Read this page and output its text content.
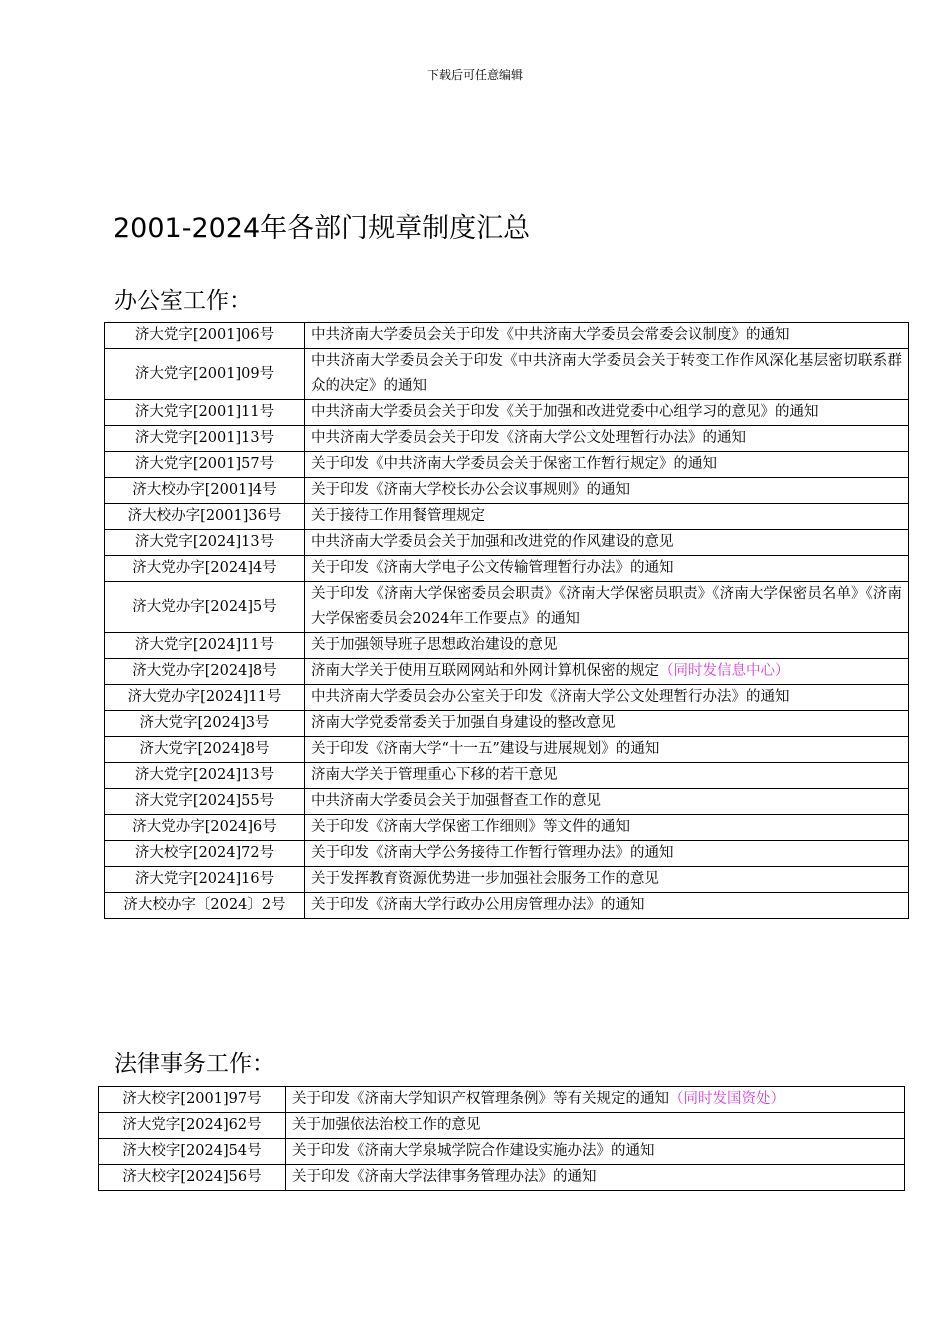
下载后可任意编辑
2001-2024年各部门规章制度汇总
办公室工作：
济大党字[2001]06号	中共济南大学委员会关于印发《中共济南大学委员会常委会议制度》的通知
济大党字[2001]09号	中共济南大学委员会关于印发《中共济南大学委员会关于转变工作作风深化基层密切联系群众的决定》的通知
济大党字[2001]11号	中共济南大学委员会关于印发《关于加强和改进党委中心组学习的意见》的通知
济大党字[2001]13号	中共济南大学委员会关于印发《济南大学公文处理暂行办法》的通知
济大党字[2001]57号	关于印发《中共济南大学委员会关于保密工作暂行规定》的通知
济大校办字[2001]4号	关于印发《济南大学校长办公会议事规则》的通知
济大校办字[2001]36号	关于接待工作用餐管理规定
济大党字[2024]13号	中共济南大学委员会关于加强和改进党的作风建设的意见
济大党办字[2024]4号	关于印发《济南大学电子公文传输管理暂行办法》的通知
济大党办字[2024]5号	关于印发《济南大学保密委员会职责》《济南大学保密员职责》《济南大学保密员名单》《济南大学保密委员会2024年工作要点》的通知
济大党字[2024]11号	关于加强领导班子思想政治建设的意见
济大党办字[2024]8号	济南大学关于使用互联网网站和外网计算机保密的规定（同时发信息中心）
济大党办字[2024]11号	中共济南大学委员会办公室关于印发《济南大学公文处理暂行办法》的通知
济大党字[2024]3号	济南大学党委常委关于加强自身建设的整改意见
济大党字[2024]8号	关于印发《济南大学“十一五”建设与进展规划》的通知
济大党字[2024]13号	济南大学关于管理重心下移的若干意见
济大党字[2024]55号	中共济南大学委员会关于加强督查工作的意见
济大党办字[2024]6号	关于印发《济南大学保密工作细则》等文件的通知
济大校字[2024]72号	关于印发《济南大学公务接待工作暂行管理办法》的通知
济大党字[2024]16号	关于发挥教育资源优势进一步加强社会服务工作的意见
济大校办字〔2024〕2号	关于印发《济南大学行政办公用房管理办法》的通知
法律事务工作：
济大校字[2001]97号	关于印发《济南大学知识产权管理条例》等有关规定的通知（同时发国资处）
济大党字[2024]62号	关于加强依法治校工作的意见
济大校字[2024]54号	关于印发《济南大学泉城学院合作建设实施办法》的通知
济大校字[2024]56号	关于印发《济南大学法律事务管理办法》的通知
